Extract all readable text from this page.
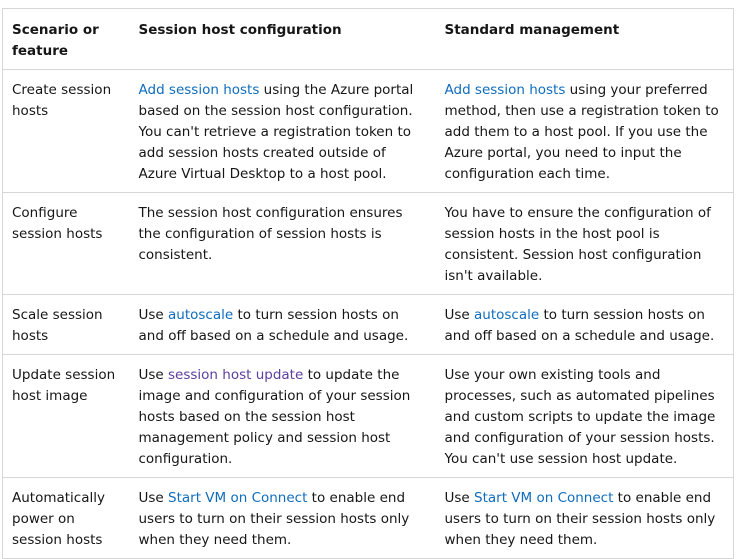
Scenario or feature	Session host configuration	Standard management
Create session hosts	Add session hosts using the Azure portal based on the session host configuration. You can't retrieve a registration token to add session hosts created outside of Azure Virtual Desktop to a host pool.	Add session hosts using your preferred method, then use a registration token to add them to a host pool. If you use the Azure portal, you need to input the configuration each time.
Configure session hosts	The session host configuration ensures the configuration of session hosts is consistent.	You have to ensure the configuration of session hosts in the host pool is consistent. Session host configuration isn't available.
Scale session hosts	Use autoscale to turn session hosts on and off based on a schedule and usage.	Use autoscale to turn session hosts on and off based on a schedule and usage.
Update session host image	Use session host update to update the image and configuration of your session hosts based on the session host management policy and session host configuration.	Use your own existing tools and processes, such as automated pipelines and custom scripts to update the image and configuration of your session hosts. You can't use session host update.
Automatically power on session hosts	Use Start VM on Connect to enable end users to turn on their session hosts only when they need them.	Use Start VM on Connect to enable end users to turn on their session hosts only when they need them.
